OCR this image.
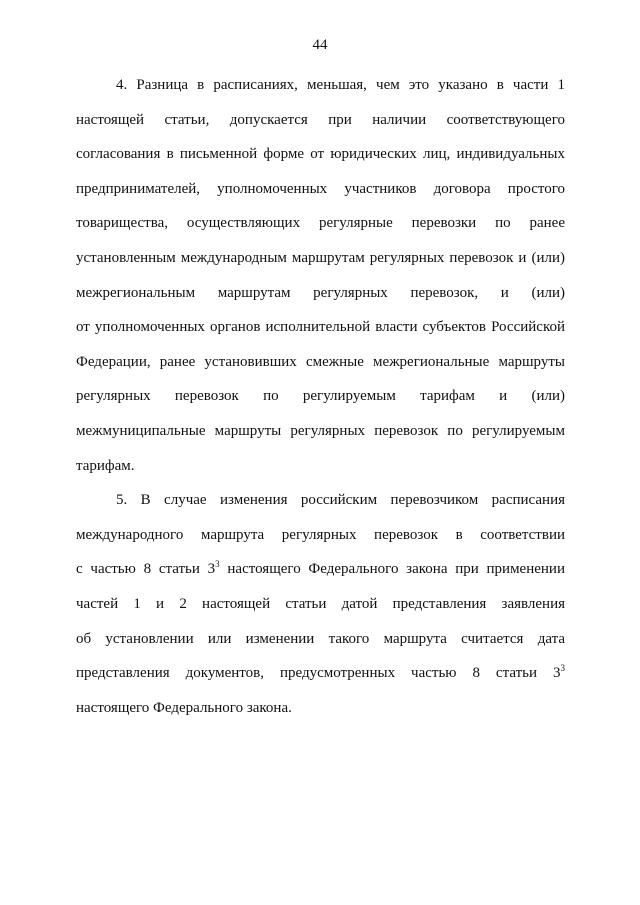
44
4. Разница в расписаниях, меньшая, чем это указано в части 1
настоящей статьи, допускается при наличии соответствующего
согласования в письменной форме от юридических лиц, индивидуальных
предпринимателей, уполномоченных участников договора простого
товарищества, осуществляющих регулярные перевозки по ранее
установленным международным маршрутам регулярных перевозок и (или)
межрегиональным маршрутам регулярных перевозок, и (или)
от уполномоченных органов исполнительной власти субъектов Российской
Федерации, ранее установивших смежные межрегиональные маршруты
регулярных перевозок по регулируемым тарифам и (или)
межмуниципальные маршруты регулярных перевозок по регулируемым
тарифам.
5. В случае изменения российским перевозчиком расписания
международного маршрута регулярных перевозок в соответствии
с частью 8 статьи $3^3$ настоящего Федерального закона при применении
частей 1 и 2 настоящей статьи датой представления заявления
об установлении или изменении такого маршрута считается дата
представления документов, предусмотренных частью 8 статьи $3^3$
настоящего Федерального закона.
